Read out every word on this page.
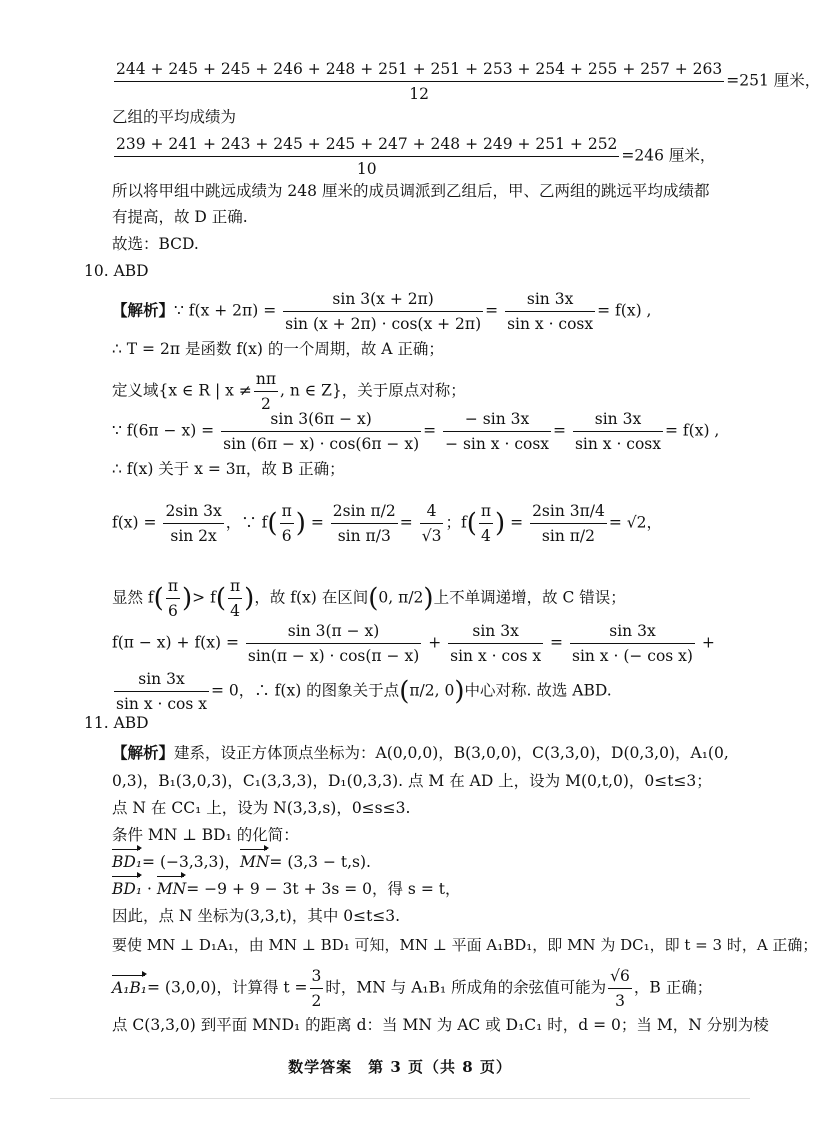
244 + 245 + 245 + 246 + 248 + 251 + 251 + 253 + 254 + 255 + 257 + 263
12
=251 厘米，
乙组的平均成绩为
$\frac{239 + 241 + 243 + 245 + 245 + 247 + 248 + 249 + 251 + 252}{10} =246$ 厘米，
所以将甲组中跳远成绩为 248 厘米的成员调派到乙组后，甲、乙两组的跳远平均成绩都
有提高，故 D 正确.
故选：BCD.
10. ABD
【解析】∵ $f(x + 2\pi) = \frac{\sin 3(x + 2\pi)}{\sin (x + 2\pi) \cdot \cos(x + 2\pi)} = \frac{\sin 3x}{\text{sin x · cosx}} = f(x)$ ,
∴ T = 2π 是函数 f(x) 的一个周期，故 A 正确；
定义域{x ∈ R | $x \ne \frac{n\pi}{2}$ , n ∈ Z}，关于原点对称；
∵ $f(6\pi - x) = \frac{\sin 3(6\pi - x)}{\sin (6\pi - x) \cdot \cos(6\pi - x)} = \frac{- \sin 3x}{\text{− sin x · cosx}} = \frac{\sin 3x}{\text{sin x · cosx}} = f(x)$ ,
∴ f(x) 关于 x = 3π，故 B 正确；
$f(x) = \frac{2\sin 3x}{\sin 2x}$ ，∵ $f( \frac{\pi}{6}$ ) = $\frac{\text{2sin π/2}}{\text{sin π/3}} = \frac{4}{√3}$ ；$f( \frac{\pi}{4}$ ) = $\frac{2\sin 3\pi/4}{\text{sin π/2}} = √2$，
显然 $f( \frac{\pi}{6}$ )> $f( \frac{\pi}{4}$ )，故 f(x) 在区间(0, π/2)上不单调递增，故 C 错误；
$f(\pi - x) + f(x) = \frac{\sin 3(\pi - x)}{\sin(\pi - x) \cdot \cos(\pi - x)} + \frac{\sin 3x}{\text{sin x · cos x}} = \frac{\sin 3x}{\text{sin x · (− cos x)}}$ +
$\frac{\sin 3x}{\text{sin x · cos x}} = 0$，∴ f(x) 的图象关于点(π/2, 0)中心对称. 故选 ABD.
11. ABD
【解析】建系，设正方体顶点坐标为：A(0,0,0)，B(3,0,0)，C(3,3,0)，D(0,3,0)，A₁(0,
0,3)，B₁(3,0,3)，C₁(3,3,3)，D₁(0,3,3). 点 M 在 AD 上，设为 M(0,t,0)，0≤t≤3；
点 N 在 CC₁ 上，设为 N(3,3,s)，0≤s≤3.
条件 MN ⊥ BD₁ 的化简：
BD₁= (−3,3,3)，MN= (3,3 − t,s).
BD₁ · MN= −9 + 9 − 3t + 3s = 0，得 s = t，
因此，点 N 坐标为(3,3,t)，其中 0≤t≤3.
要使 MN ⊥ D₁A₁，由 MN ⊥ BD₁ 可知，MN ⊥ 平面 A₁BD₁，即 MN 为 DC₁，即 t = 3 时，A 正确；
A₁B₁= (3,0,0)，计算得 $t = \frac{3}{2}$ 时，MN 与 A₁B₁ 所成角的余弦值可能为 $\frac{√6}{3}$ ，B 正确；
点 C(3,3,0) 到平面 MND₁ 的距离 d：当 MN 为 AC 或 D₁C₁ 时，d = 0；当 M，N 分别为棱
数学答案　第 3 页（共 8 页）
